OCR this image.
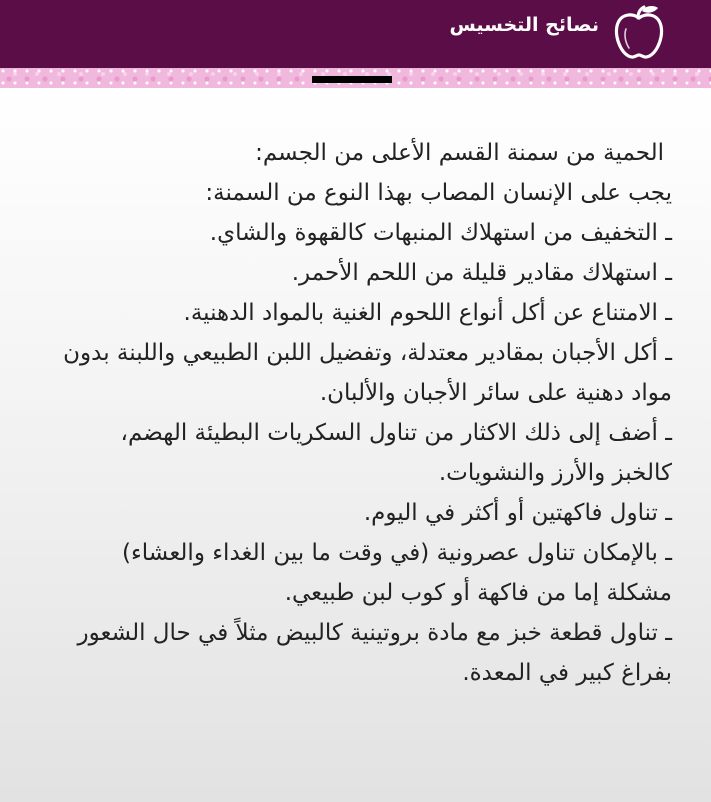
نصائح التخسيس

الحمية من سمنة القسم الأعلى من الجسم:

يجب على الإنسان المصاب بهذا النوع من السمنة:

ـ التخفيف من استهلاك المنبهات كالقهوة والشاي.

ـ استهلاك مقادير قليلة من اللحم الأحمر.

ـ الامتناع عن أكل أنواع اللحوم الغنية بالمواد الدهنية.

ـ أكل الأجبان بمقادير معتدلة، وتفضيل اللبن الطبيعي واللبنة بدون مواد دهنية على سائر الأجبان والألبان.

ـ أضف إلى ذلك الاكثار من تناول السكريات البطيئة الهضم، كالخبز والأرز والنشويات.

ـ تناول فاكهتين أو أكثر في اليوم.

ـ بالإمكان تناول عصرونية (في وقت ما بين الغداء والعشاء) مشكلة إما من فاكهة أو كوب لبن طبيعي.

ـ تناول قطعة خبز مع مادة بروتينية كالبيض مثلاً في حال الشعور بفراغ كبير في المعدة.
